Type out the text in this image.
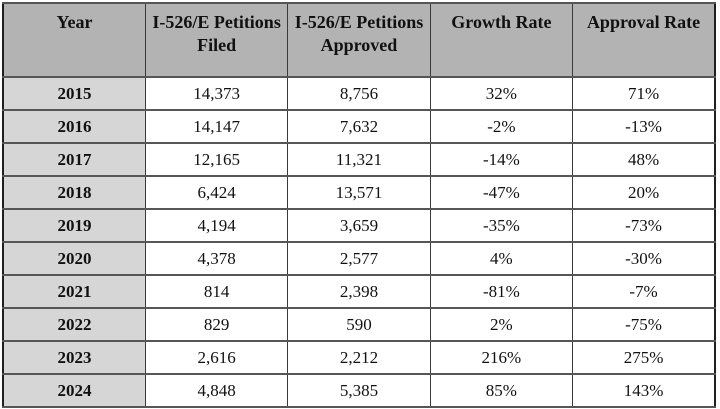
Year	I-526/E Petitions Filed	I-526/E Petitions Approved	Growth Rate	Approval Rate
2015	14,373	8,756	32%	71%
2016	14,147	7,632	-2%	-13%
2017	12,165	11,321	-14%	48%
2018	6,424	13,571	-47%	20%
2019	4,194	3,659	-35%	-73%
2020	4,378	2,577	4%	-30%
2021	814	2,398	-81%	-7%
2022	829	590	2%	-75%
2023	2,616	2,212	216%	275%
2024	4,848	5,385	85%	143%
